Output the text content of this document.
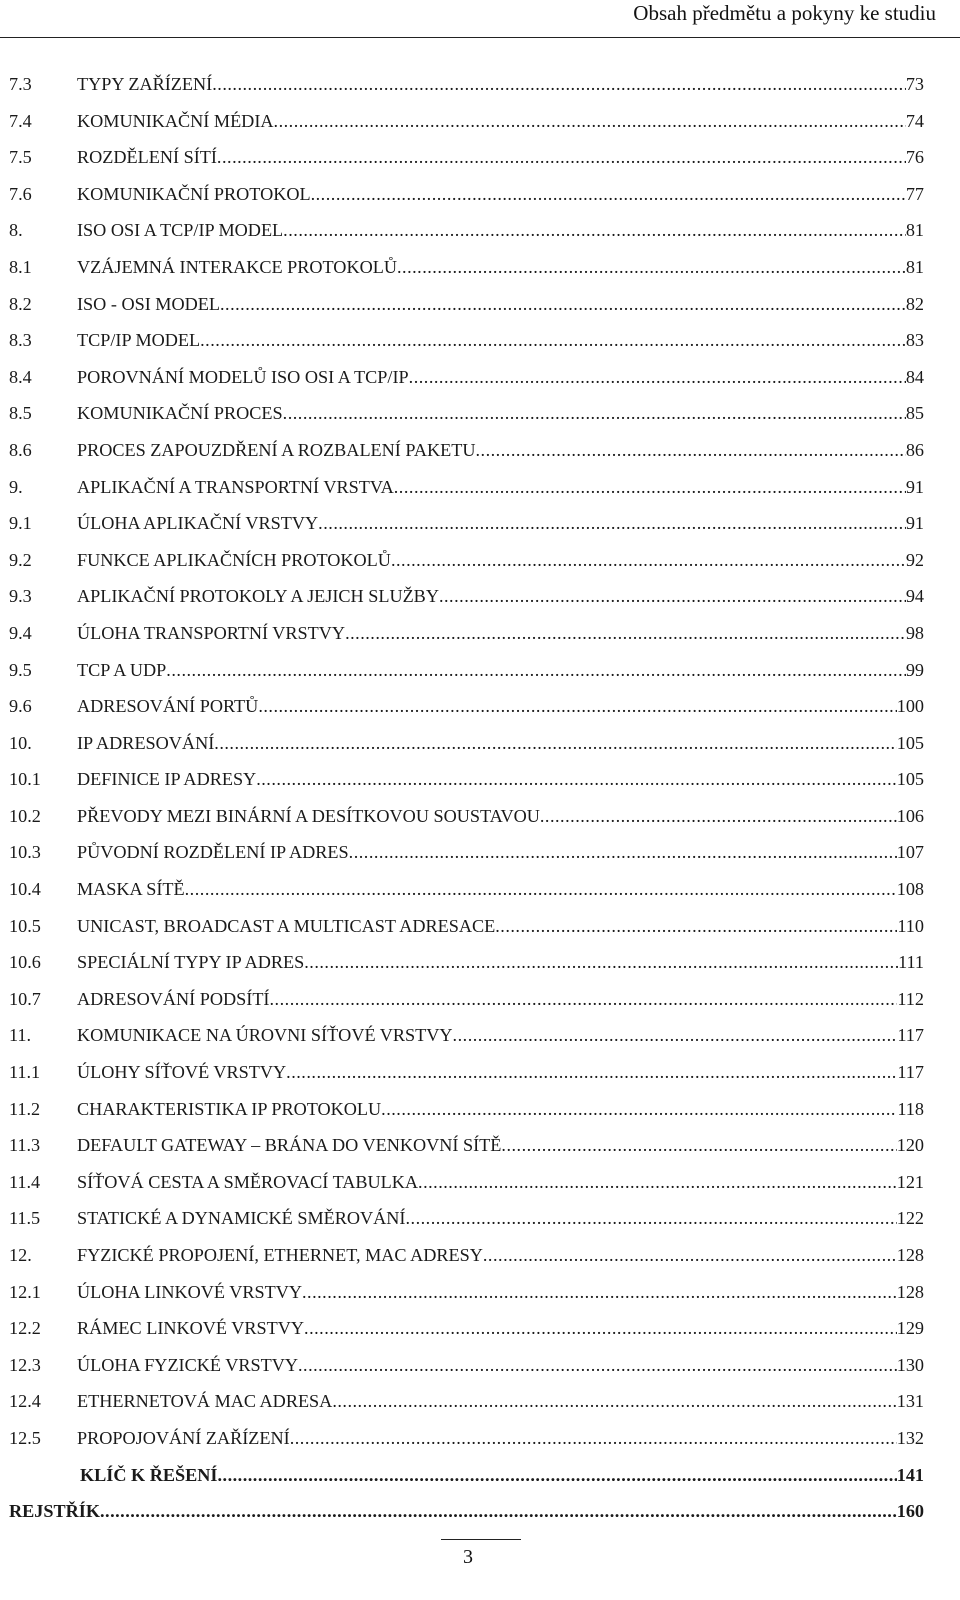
Obsah předmětu a pokyny ke studiu
7.3 TYPY ZAŘÍZENÍ .....	73
7.4 KOMUNIKAČNÍ MÉDIA .....	74
7.5 ROZDĚLENÍ SÍTÍ .....	76
7.6 KOMUNIKAČNÍ PROTOKOL .....	77
8.	ISO OSI A TCP/IP MODEL .....	81
8.1 VZÁJEMNÁ INTERAKCE PROTOKOLŮ .....	81
8.2 ISO - OSI MODEL .....	82
8.3 TCP/IP MODEL .....	83
8.4 POROVNÁNÍ MODELŮ ISO OSI A TCP/IP .....	84
8.5 KOMUNIKAČNÍ PROCES .....	85
8.6 PROCES ZAPOUZDŘENÍ A ROZBALENÍ PAKETU .....	86
9.	APLIKAČNÍ A TRANSPORTNÍ VRSTVA .....	91
9.1 ÚLOHA APLIKAČNÍ VRSTVY .....	91
9.2 FUNKCE APLIKAČNÍCH PROTOKOLŮ .....	92
9.3 APLIKAČNÍ PROTOKOLY A JEJICH SLUŽBY .....	94
9.4 ÚLOHA TRANSPORTNÍ VRSTVY .....	98
9.5 TCP A UDP .....	99
9.6 ADRESOVÁNÍ PORTŮ .....	100
10. IP ADRESOVÁNÍ .....	105
10.1 DEFINICE IP ADRESY .....	105
10.2 PŘEVODY MEZI BINÁRNÍ A DESÍTKOVOU SOUSTAVOU .....	106
10.3 PŮVODNÍ ROZDĚLENÍ IP ADRES .....	107
10.4 MASKA SÍTĚ .....	108
10.5 UNICAST, BROADCAST A MULTICAST ADRESACE .....	110
10.6 SPECIÁLNÍ TYPY IP ADRES .....	111
10.7 ADRESOVÁNÍ PODSÍTÍ .....	112
11.	KOMUNIKACE NA ÚROVNI SÍŤOVÉ VRSTVY .....	117
11.1 ÚLOHY SÍŤOVÉ VRSTVY .....	117
11.2 CHARAKTERISTIKA IP PROTOKOLU .....	118
11.3 DEFAULT GATEWAY – BRÁNA DO VENKOVNÍ SÍTĚ .....	120
11.4 SÍŤOVÁ CESTA A SMĚROVACÍ TABULKA .....	121
11.5 STATICKÉ A DYNAMICKÉ SMĚROVÁNÍ .....	122
12. FYZICKÉ PROPOJENÍ, ETHERNET, MAC ADRESY .....	128
12.1 ÚLOHA LINKOVÉ VRSTVY .....	128
12.2 RÁMEC LINKOVÉ VRSTVY .....	129
12.3 ÚLOHA FYZICKÉ VRSTVY .....	130
12.4 ETHERNETOVÁ MAC ADRESA .....	131
12.5 PROPOJOVÁNÍ ZAŘÍZENÍ .....	132
KLÍČ K ŘEŠENÍ .....	141
REJSTŘÍK .....	160
3
